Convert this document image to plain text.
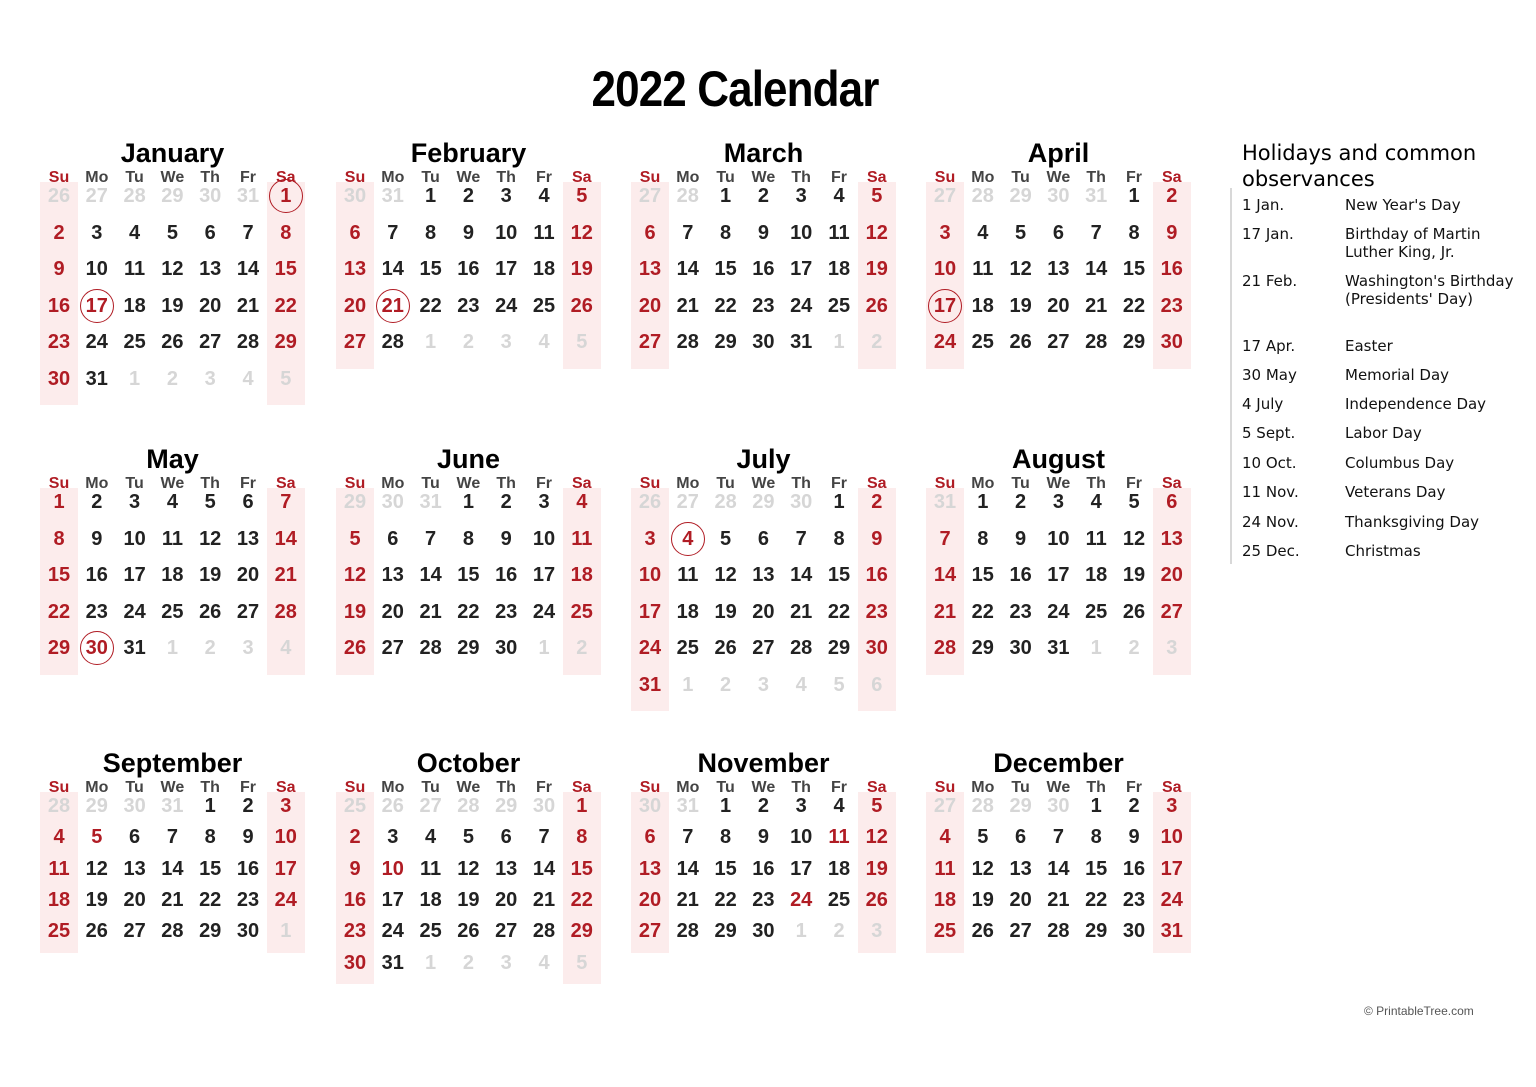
2022 Calendar
January
Su	Mo	Tu	We	Th	Fr	Sa
26 27 28 29 30 31	1
2	3	4	5	6	7	8
9	10 11 12 13 14 15
16 17 18 19 20 21 22
23 24 25 26 27 28 29
30 31	1	2	3	4	5
February
Su	Mo	Tu	We	Th	Fr	Sa
30 31	1	2	3	4	5
6	7	8	9	10 11 12
13 14 15 16 17 18 19
20 21 22 23 24 25 26
27 28	1	2	3	4	5
March
Su	Mo	Tu	We	Th	Fr	Sa
27 28	1	2	3	4	5
6	7	8	9	10 11 12
13 14 15 16 17 18 19
20 21 22 23 24 25 26
27 28 29 30 31	1	2
April
Su	Mo	Tu	We	Th	Fr	Sa
27 28 29 30 31	1	2
3	4	5	6	7	8	9
10 11 12 13 14 15 16
17 18 19 20 21 22 23
24 25 26 27 28 29 30
May
Su	Mo	Tu	We	Th	Fr	Sa
1	2	3	4	5	6	7
8	9	10 11 12 13 14
15 16 17 18 19 20 21
22 23 24 25 26 27 28
29 30 31	1	2	3	4
June
Su	Mo	Tu	We	Th	Fr	Sa
29 30 31	1	2	3	4
5	6	7	8	9	10 11
12 13 14 15 16 17 18
19 20 21 22 23 24 25
26 27 28 29 30	1	2
July
Su	Mo	Tu	We	Th	Fr	Sa
26 27 28 29 30	1	2
3	4	5	6	7	8	9
10 11 12 13 14 15 16
17 18 19 20 21 22 23
24 25 26 27 28 29 30
31	1	2	3	4	5	6
August
Su	Mo	Tu	We	Th	Fr	Sa
31	1	2	3	4	5	6
7	8	9	10 11 12 13
14 15 16 17 18 19 20
21 22 23 24 25 26 27
28 29 30 31	1	2	3
September
Su	Mo	Tu	We	Th	Fr	Sa
28 29 30 31	1	2	3
4	5	6	7	8	9	10
11 12 13 14 15 16 17
18 19 20 21 22 23 24
25 26 27 28 29 30	1
October
Su	Mo	Tu	We	Th	Fr	Sa
25 26 27 28 29 30	1
2	3	4	5	6	7	8
9	10 11 12 13 14 15
16 17 18 19 20 21 22
23 24 25 26 27 28 29
30 31	1	2	3	4	5
November
Su	Mo	Tu	We	Th	Fr	Sa
30 31	1	2	3	4	5
6	7	8	9	10 11 12
13 14 15 16 17 18 19
20 21 22 23 24 25 26
27 28 29 30	1	2	3
December
Su	Mo	Tu	We	Th	Fr	Sa
27 28 29 30	1	2	3
4	5	6	7	8	9	10
11 12 13 14 15 16 17
18 19 20 21 22 23 24
25 26 27 28 29 30 31
Holidays and common observances
1 Jan.	New Year's Day
17 Jan.	Birthday of Martin Luther King, Jr.
21 Feb.	Washington's Birthday (Presidents' Day)
17 Apr.	Easter
30 May	Memorial Day
4 July	Independence Day
5 Sept.	Labor Day
10 Oct.	Columbus Day
11 Nov.	Veterans Day
24 Nov.	Thanksgiving Day
25 Dec.	Christmas
© PrintableTree.com
